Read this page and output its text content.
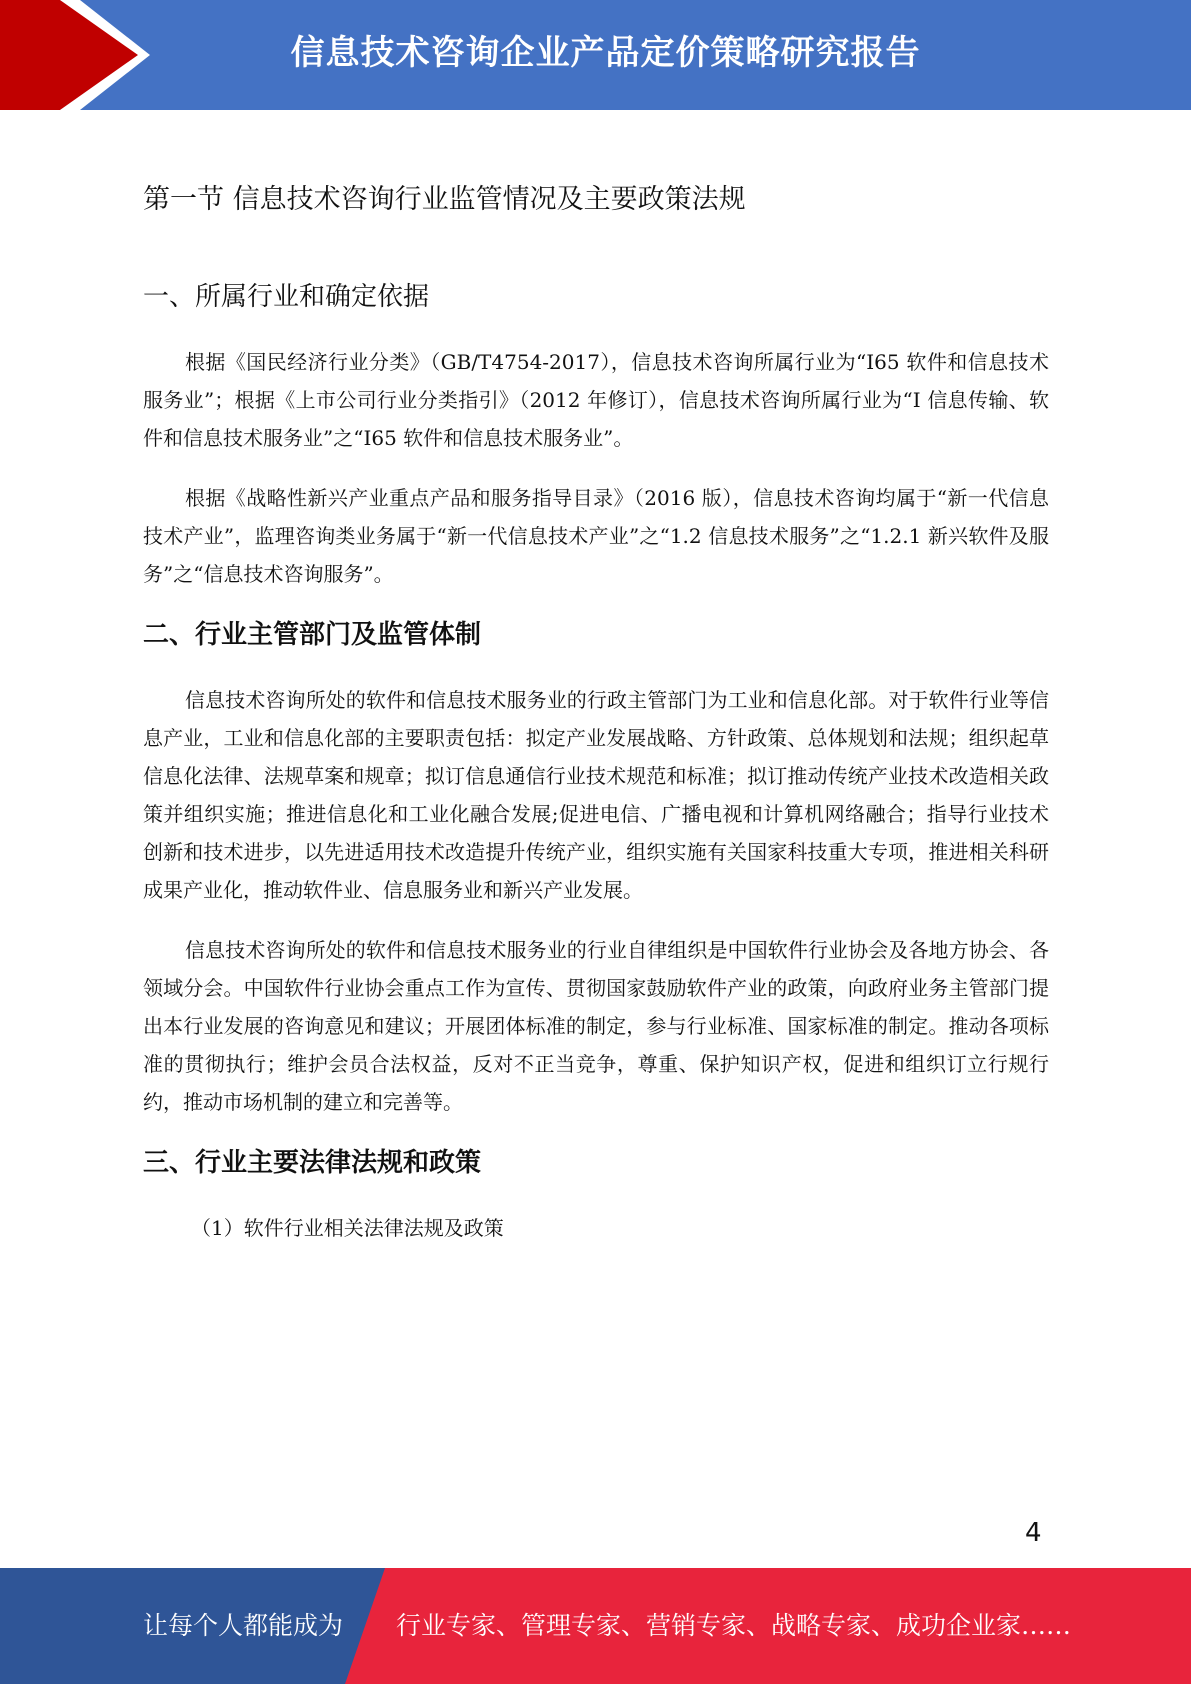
信息技术咨询企业产品定价策略研究报告
第一节 信息技术咨询行业监管情况及主要政策法规
一、所属行业和确定依据

根据《国民经济行业分类》（GB/T4754-2017），信息技术咨询所属行业为“I65 软件和信息技术服务业”；根据《上市公司行业分类指引》（2012 年修订），信息技术咨询所属行业为“I 信息传输、软件和信息技术服务业”之“I65 软件和信息技术服务业”。

根据《战略性新兴产业重点产品和服务指导目录》（2016 版），信息技术咨询均属于“新一代信息技术产业”，监理咨询类业务属于“新一代信息技术产业”之“1.2 信息技术服务”之“1.2.1 新兴软件及服务”之“信息技术咨询服务”。

二、行业主管部门及监管体制

信息技术咨询所处的软件和信息技术服务业的行政主管部门为工业和信息化部。对于软件行业等信息产业，工业和信息化部的主要职责包括：拟定产业发展战略、方针政策、总体规划和法规；组织起草信息化法律、法规草案和规章；拟订信息通信行业技术规范和标准；拟订推动传统产业技术改造相关政策并组织实施；推进信息化和工业化融合发展;促进电信、广播电视和计算机网络融合；指导行业技术创新和技术进步，以先进适用技术改造提升传统产业，组织实施有关国家科技重大专项，推进相关科研成果产业化，推动软件业、信息服务业和新兴产业发展。

信息技术咨询所处的软件和信息技术服务业的行业自律组织是中国软件行业协会及各地方协会、各领域分会。中国软件行业协会重点工作为宣传、贯彻国家鼓励软件产业的政策，向政府业务主管部门提出本行业发展的咨询意见和建议；开展团体标准的制定，参与行业标准、国家标准的制定。推动各项标准的贯彻执行；维护会员合法权益，反对不正当竞争，尊重、保护知识产权，促进和组织订立行规行约，推动市场机制的建立和完善等。

三、行业主要法律法规和政策

（1）软件行业相关法律法规及政策

4
让每个人都能成为 行业专家、管理专家、营销专家、战略专家、成功企业家……
